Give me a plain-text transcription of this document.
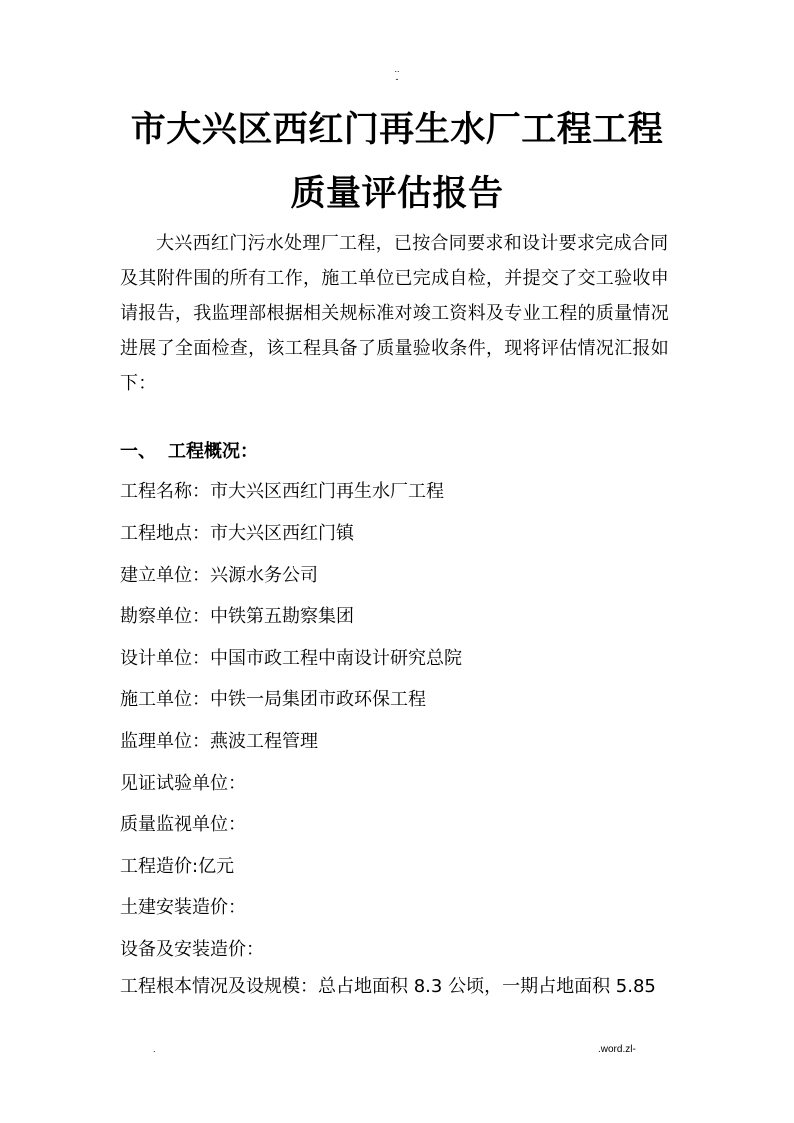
..
-
市大兴区西红门再生水厂工程工程
质量评估报告

大兴西红门污水处理厂工程，已按合同要求和设计要求完成合同及其附件围的所有工作，施工单位已完成自检，并提交了交工验收申请报告，我监理部根据相关规标准对竣工资料及专业工程的质量情况进展了全面检查，该工程具备了质量验收条件，现将评估情况汇报如下：

一、 工程概况：
工程名称：市大兴区西红门再生水厂工程
工程地点：市大兴区西红门镇
建立单位：兴源水务公司
勘察单位：中铁第五勘察集团
设计单位：中国市政工程中南设计研究总院
施工单位：中铁一局集团市政环保工程
监理单位：燕波工程管理
见证试验单位：
质量监视单位：
工程造价:亿元
土建安装造价：
设备及安装造价：
工程根本情况及设规模：总占地面积 8.3 公顷，一期占地面积 5.85
.	.word.zl-
